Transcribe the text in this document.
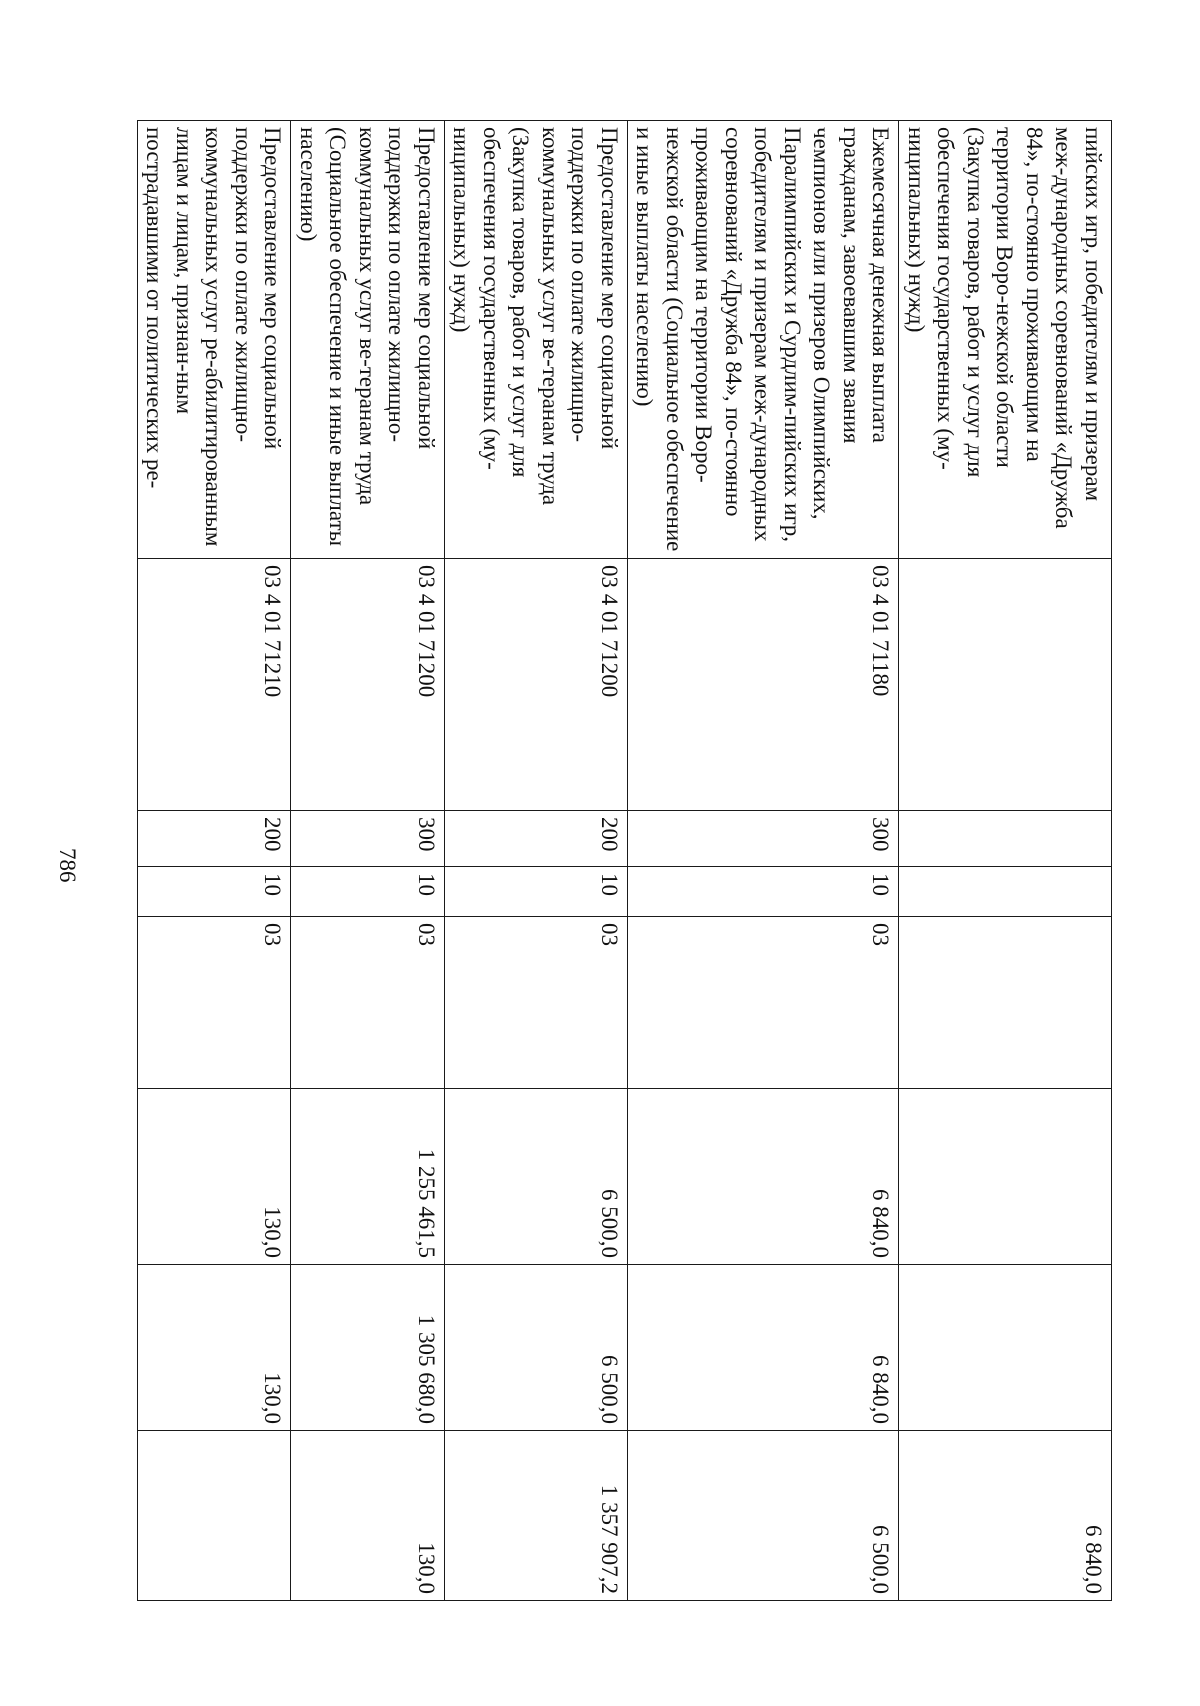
786
пийских игр, победителям и призерам меж-дународных соревнований «Дружба 84», по-стоянно проживающим на территории Воро-нежской области (Закупка товаров, работ и услуг для обеспечения государственных (му-ниципальных) нужд)							6 840,0
Ежемесячная денежная выплата гражданам, завоевавшим звания чемпионов или призеров Олимпийских, Паралимпийских и Сурдлим-пийских игр, победителям и призерам меж-дународных соревнований «Дружба 84», по-стоянно проживающим на территории Воро-нежской области (Социальное обеспечение и иные выплаты населению)	03 4 01 71180	300	10	03	6 840,0	6 840,0	6 500,0
Предоставление мер социальной поддержки по оплате жилищно-коммунальных услуг ве-теранам труда (Закупка товаров, работ и услуг для обеспечения государственных (му-ниципальных) нужд)	03 4 01 71200	200	10	03	6 500,0	6 500,0	1 357 907,2
Предоставление мер социальной поддержки по оплате жилищно-коммунальных услуг ве-теранам труда (Социальное обеспечение и иные выплаты населению)	03 4 01 71200	300	10	03	1 255 461,5	1 305 680,0	130,0
Предоставление мер социальной поддержки по оплате жилищно-коммунальных услуг ре-абилитированным лицам и лицам, признан-ным пострадавшими от политических ре-	03 4 01 71210	200	10	03	130,0	130,0	
